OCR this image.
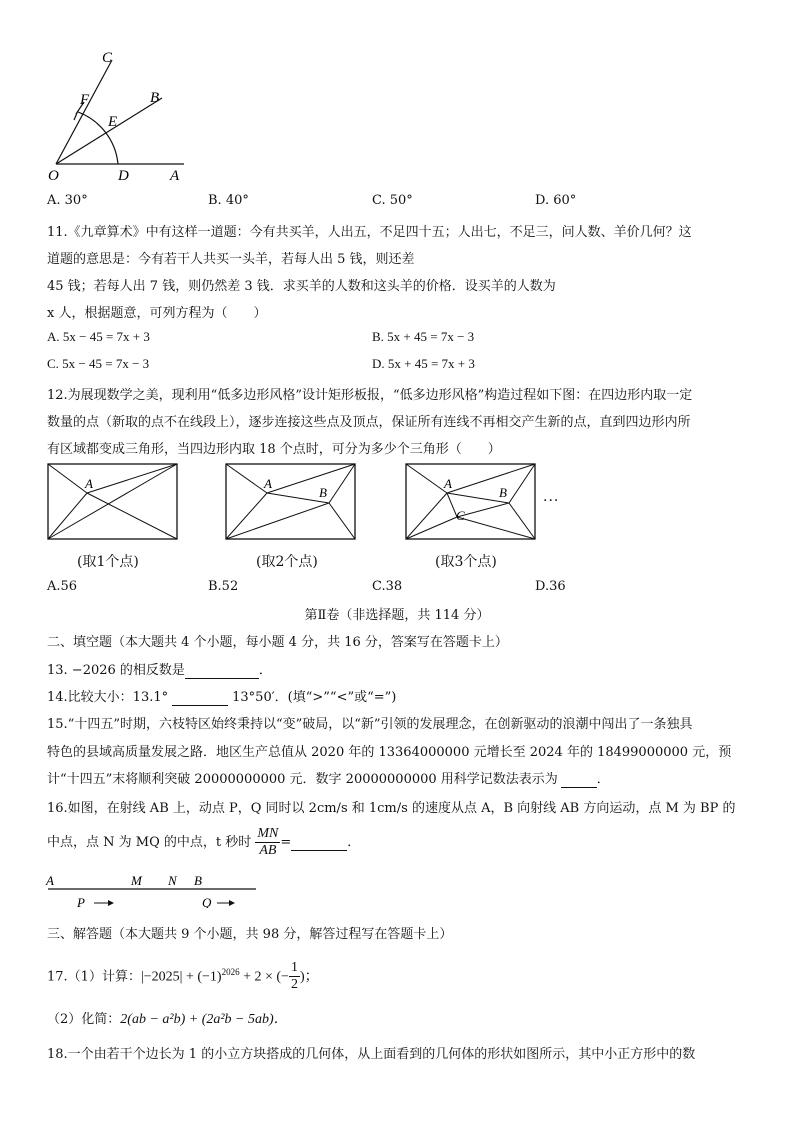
C
F	B
E
O	D	A
A. 30°	B. 40°	C. 50°	D. 60°
11.《九章算术》中有这样一道题：今有共买羊，人出五，不足四十五；人出七，不足三，问人数、羊价几何？这
道题的意思是：今有若干人共买一头羊，若每人出 5 钱，则还差
45 钱；若每人出 7 钱，则仍然差 3 钱．求买羊的人数和这头羊的价格．设买羊的人数为
x 人，根据题意，可列方程为（　　）
A. 5x − 45 = 7x + 3	B. 5x + 45 = 7x − 3
C. 5x − 45 = 7x − 3	D. 5x + 45 = 7x + 3
12.为展现数学之美，现利用“低多边形风格”设计矩形板报，“低多边形风格”构造过程如下图：在四边形内取一定
数量的点（新取的点不在线段上），逐步连接这些点及顶点，保证所有连线不再相交产生新的点，直到四边形内所
有区域都变成三角形，当四边形内取 18 个点时，可分为多少个三角形（　　）
A	A
B
A
B
C
···
(取1个点)	(取2个点)	(取3个点)
A.56	B.52	C.38	D.36
第Ⅱ卷（非选择题，共 114 分）
二、填空题（本大题共 4 个小题，每小题 4 分，共 16 分，答案写在答题卡上）
13. −2026 的相反数是	．
14.比较大小：13.1°	13°50′．(填“>”“<”或“=”)
15.“十四五”时期，六枝特区始终秉持以“变”破局，以“新”引领的发展理念，在创新驱动的浪潮中闯出了一条独具
特色的县域高质量发展之路．地区生产总值从 2020 年的 13364000000 元增长至 2024 年的 18499000000 元，预
计“十四五”末将顺利突破 20000000000 元．数字 20000000000 用科学记数法表示为	．
16.如图，在射线 AB 上，动点 P，Q 同时以 2cm/s 和 1cm/s 的速度从点 A，B 向射线 AB 方向运动，点 M 为 BP 的
中点，点 N 为 MQ 的中点，t 秒时 $\frac{MN}{AB}$ =	．
A	M N B
P	Q
三、解答题（本大题共 9 个小题，共 98 分，解答过程写在答题卡上）
17.（1）计算：$|-2025| + (-1)^{2026} + 2$ × (− $\frac{1}{2}$ )；
（2）化简：2(ab − a²b) + (2a²b − 5ab)．
18.一个由若干个边长为 1 的小立方块搭成的几何体，从上面看到的几何体的形状如图所示，其中小正方形中的数
